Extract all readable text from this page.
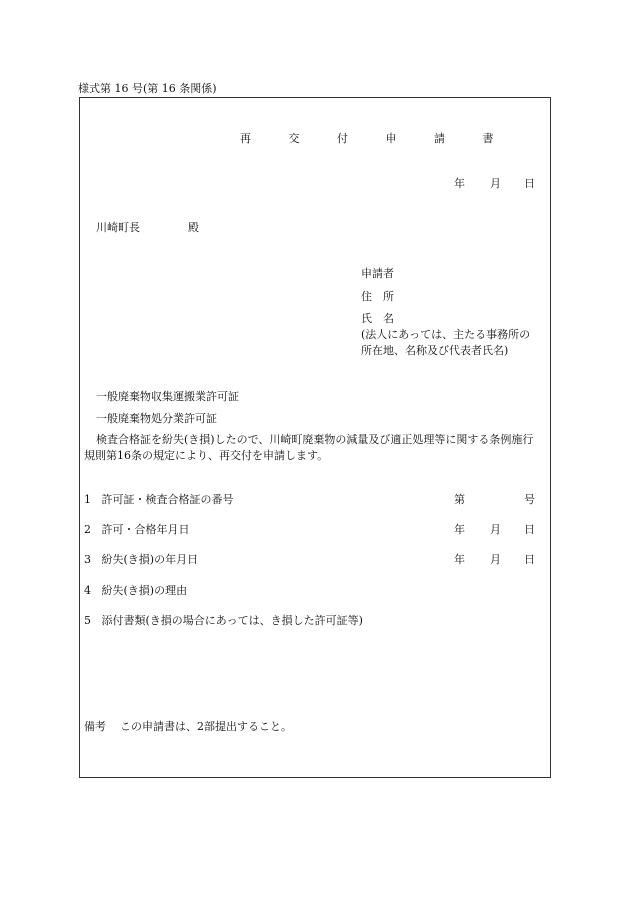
様式第 16 号(第 16 条関係)
再 交 付 申 請 書
年 月 日
川崎町長	殿
申請者
住　所
氏　名
(法人にあっては、主たる事務所の
所在地、名称及び代表者氏名)
一般廃棄物収集運搬業許可証
一般廃棄物処分業許可証
検査合格証を紛失(き損)したので、川崎町廃棄物の減量及び適正処理等に関する条例施行規則第16条の規定により、再交付を申請します。
1 許可証・検査合格証の番号	第	号
2 許可・合格年月日	年 月 日
3 紛失(き損)の年月日	年 月 日
4 紛失(き損)の理由
5 添付書類(き損の場合にあっては、き損した許可証等)
備考 この申請書は、2部提出すること。
